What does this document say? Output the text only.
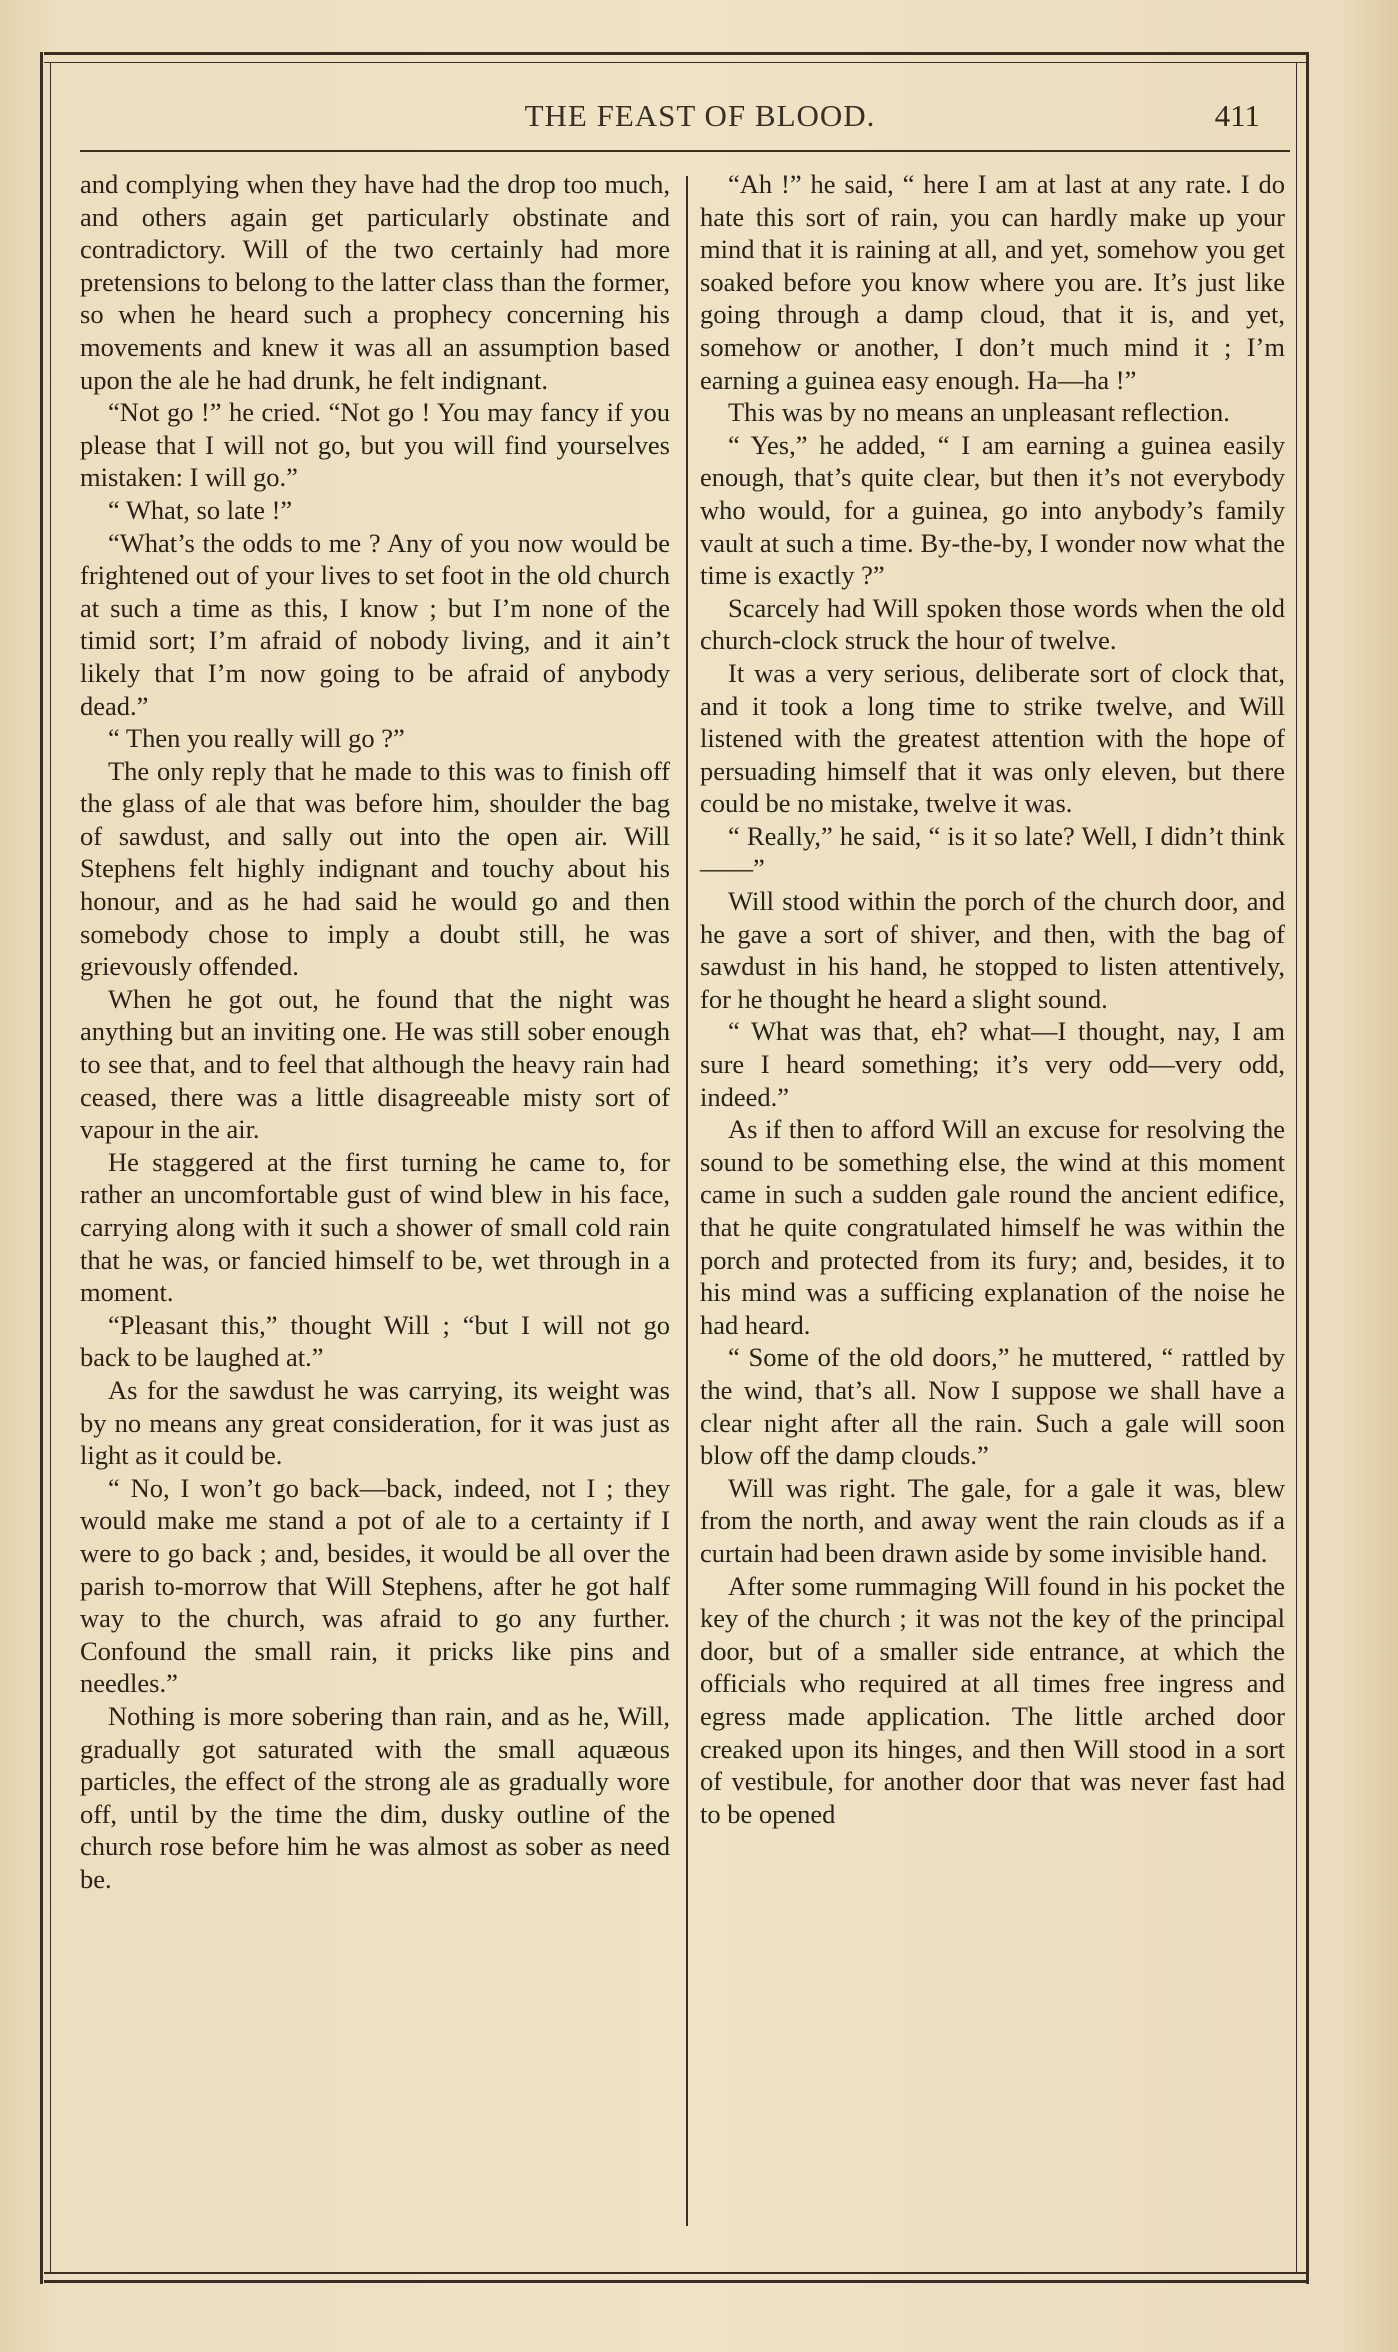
THE FEAST OF BLOOD.	411

and complying when they have had the drop too much, and others again get particularly obstinate and contradictory. Will of the two certainly had more pretensions to belong to the latter class than the former, so when he heard such a prophecy concerning his movements and knew it was all an assumption based upon the ale he had drunk, he felt indignant.

“Not go !” he cried. “Not go ! You may fancy if you please that I will not go, but you will find yourselves mistaken: I will go.”

“ What, so late !”

“What’s the odds to me ? Any of you now would be frightened out of your lives to set foot in the old church at such a time as this, I know ; but I’m none of the timid sort; I’m afraid of nobody living, and it ain’t likely that I’m now going to be afraid of anybody dead.”

“ Then you really will go ?”

The only reply that he made to this was to finish off the glass of ale that was before him, shoulder the bag of sawdust, and sally out into the open air. Will Stephens felt highly indignant and touchy about his honour, and as he had said he would go and then somebody chose to imply a doubt still, he was grievously offended.

When he got out, he found that the night was anything but an inviting one. He was still sober enough to see that, and to feel that although the heavy rain had ceased, there was a little disagreeable misty sort of vapour in the air.

He staggered at the first turning he came to, for rather an uncomfortable gust of wind blew in his face, carrying along with it such a shower of small cold rain that he was, or fancied himself to be, wet through in a moment.

“Pleasant this,” thought Will ; “but I will not go back to be laughed at.”

As for the sawdust he was carrying, its weight was by no means any great consideration, for it was just as light as it could be.

“ No, I won’t go back—back, indeed, not I ; they would make me stand a pot of ale to a certainty if I were to go back ; and, besides, it would be all over the parish to-morrow that Will Stephens, after he got half way to the church, was afraid to go any further. Confound the small rain, it pricks like pins and needles.”

Nothing is more sobering than rain, and as he, Will, gradually got saturated with the small aquæous particles, the effect of the strong ale as gradually wore off, until by the time the dim, dusky outline of the church rose before him he was almost as sober as need be.

“Ah !” he said, “ here I am at last at any rate. I do hate this sort of rain, you can hardly make up your mind that it is raining at all, and yet, somehow you get soaked before you know where you are. It’s just like going through a damp cloud, that it is, and yet, somehow or another, I don’t much mind it ; I’m earning a guinea easy enough. Ha—ha !”

This was by no means an unpleasant reflection.

“ Yes,” he added, “ I am earning a guinea easily enough, that’s quite clear, but then it’s not everybody who would, for a guinea, go into anybody’s family vault at such a time. By-the-by, I wonder now what the time is exactly ?”

Scarcely had Will spoken those words when the old church-clock struck the hour of twelve.

It was a very serious, deliberate sort of clock that, and it took a long time to strike twelve, and Will listened with the greatest attention with the hope of persuading himself that it was only eleven, but there could be no mistake, twelve it was.

“ Really,” he said, “ is it so late? Well, I didn’t think——”

Will stood within the porch of the church door, and he gave a sort of shiver, and then, with the bag of sawdust in his hand, he stopped to listen attentively, for he thought he heard a slight sound.

“ What was that, eh? what—I thought, nay, I am sure I heard something; it’s very odd—very odd, indeed.”

As if then to afford Will an excuse for resolving the sound to be something else, the wind at this moment came in such a sudden gale round the ancient edifice, that he quite congratulated himself he was within the porch and protected from its fury; and, besides, it to his mind was a sufficing explanation of the noise he had heard.

“ Some of the old doors,” he muttered, “ rattled by the wind, that’s all. Now I suppose we shall have a clear night after all the rain. Such a gale will soon blow off the damp clouds.”

Will was right. The gale, for a gale it was, blew from the north, and away went the rain clouds as if a curtain had been drawn aside by some invisible hand.

After some rummaging Will found in his pocket the key of the church ; it was not the key of the principal door, but of a smaller side entrance, at which the officials who required at all times free ingress and egress made application. The little arched door creaked upon its hinges, and then Will stood in a sort of vestibule, for another door that was never fast had to be opened
